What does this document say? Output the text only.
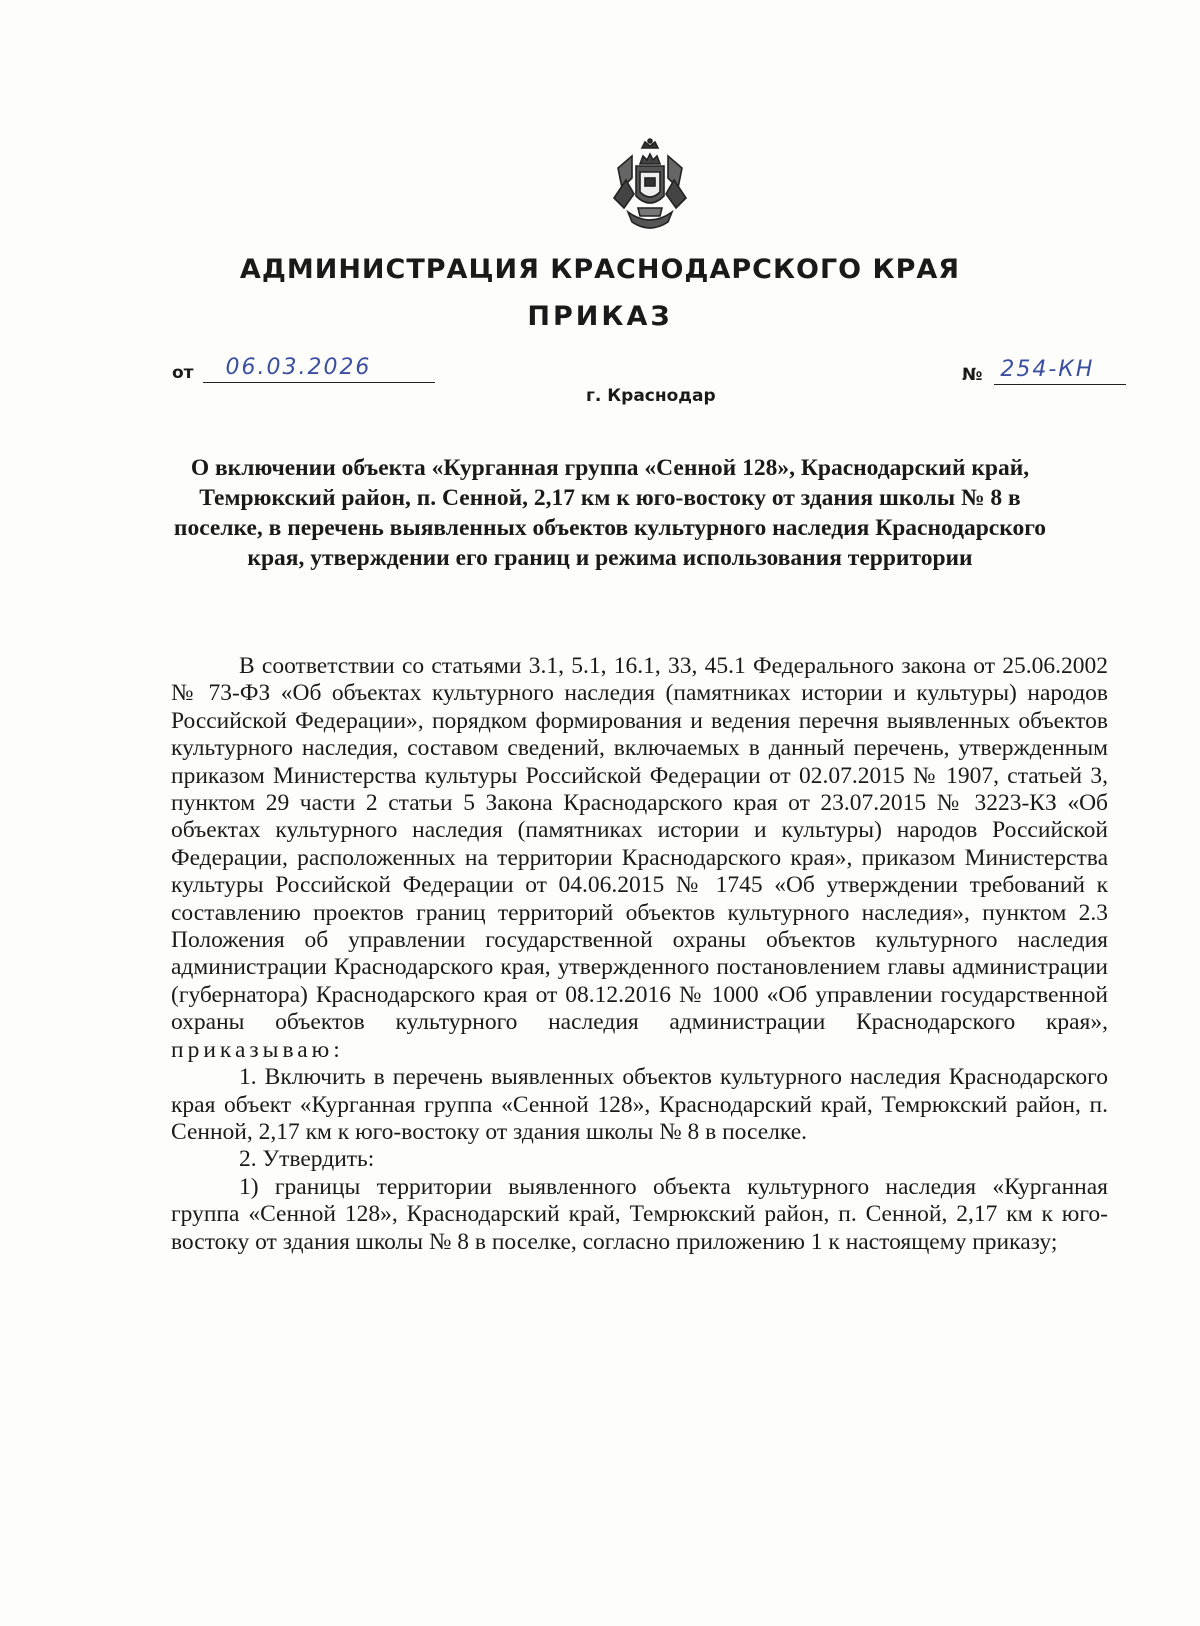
АДМИНИСТРАЦИЯ КРАСНОДАРСКОГО КРАЯ
ПРИКАЗ
от 06.03.2026	№ 254-КН
г. Краснодар
О включении объекта «Курганная группа «Сенной 128», Краснодарский край, Темрюкский район, п. Сенной, 2,17 км к юго-востоку от здания школы № 8 в поселке, в перечень выявленных объектов культурного наследия Краснодарского края, утверждении его границ и режима использования территории

В соответствии со статьями 3.1, 5.1, 16.1, 33, 45.1 Федерального закона от 25.06.2002 № 73-ФЗ «Об объектах культурного наследия (памятниках истории и культуры) народов Российской Федерации», порядком формирования и ведения перечня выявленных объектов культурного наследия, составом сведений, включаемых в данный перечень, утвержденным приказом Министерства культуры Российской Федерации от 02.07.2015 № 1907, статьей 3, пунктом 29 части 2 статьи 5 Закона Краснодарского края от 23.07.2015 № 3223-КЗ «Об объектах культурного наследия (памятниках истории и культуры) народов Российской Федерации, расположенных на территории Краснодарского края», приказом Министерства культуры Российской Федерации от 04.06.2015 № 1745 «Об утверждении требований к составлению проектов границ территорий объектов культурного наследия», пунктом 2.3 Положения об управлении государственной охраны объектов культурного наследия администрации Краснодарского края, утвержденного постановлением главы администрации (губернатора) Краснодарского края от 08.12.2016 № 1000 «Об управлении государственной охраны объектов культурного наследия администрации Краснодарского края», приказываю:

1. Включить в перечень выявленных объектов культурного наследия Краснодарского края объект «Курганная группа «Сенной 128», Краснодарский край, Темрюкский район, п. Сенной, 2,17 км к юго-востоку от здания школы № 8 в поселке.

2. Утвердить:

1) границы территории выявленного объекта культурного наследия «Курганная группа «Сенной 128», Краснодарский край, Темрюкский район, п. Сенной, 2,17 км к юго-востоку от здания школы № 8 в поселке, согласно приложению 1 к настоящему приказу;
